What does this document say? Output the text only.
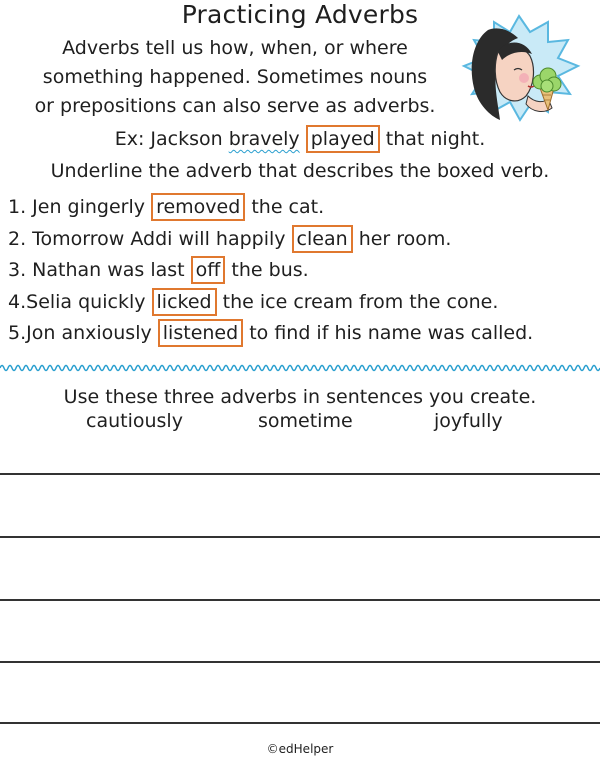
Practicing Adverbs
Adverbs tell us how, when, or where
something happened. Sometimes nouns
or prepositions can also serve as adverbs.
Ex: Jackson bravely played that night.
Underline the adverb that describes the boxed verb.
1. Jen gingerly removed the cat.
2. Tomorrow Addi will happily clean her room.
3. Nathan was last off the bus.
4.Selia quickly licked the ice cream from the cone.
5.Jon anxiously listened to find if his name was called.
Use these three adverbs in sentences you create.
cautiously	sometime	joyfully
©edHelper
